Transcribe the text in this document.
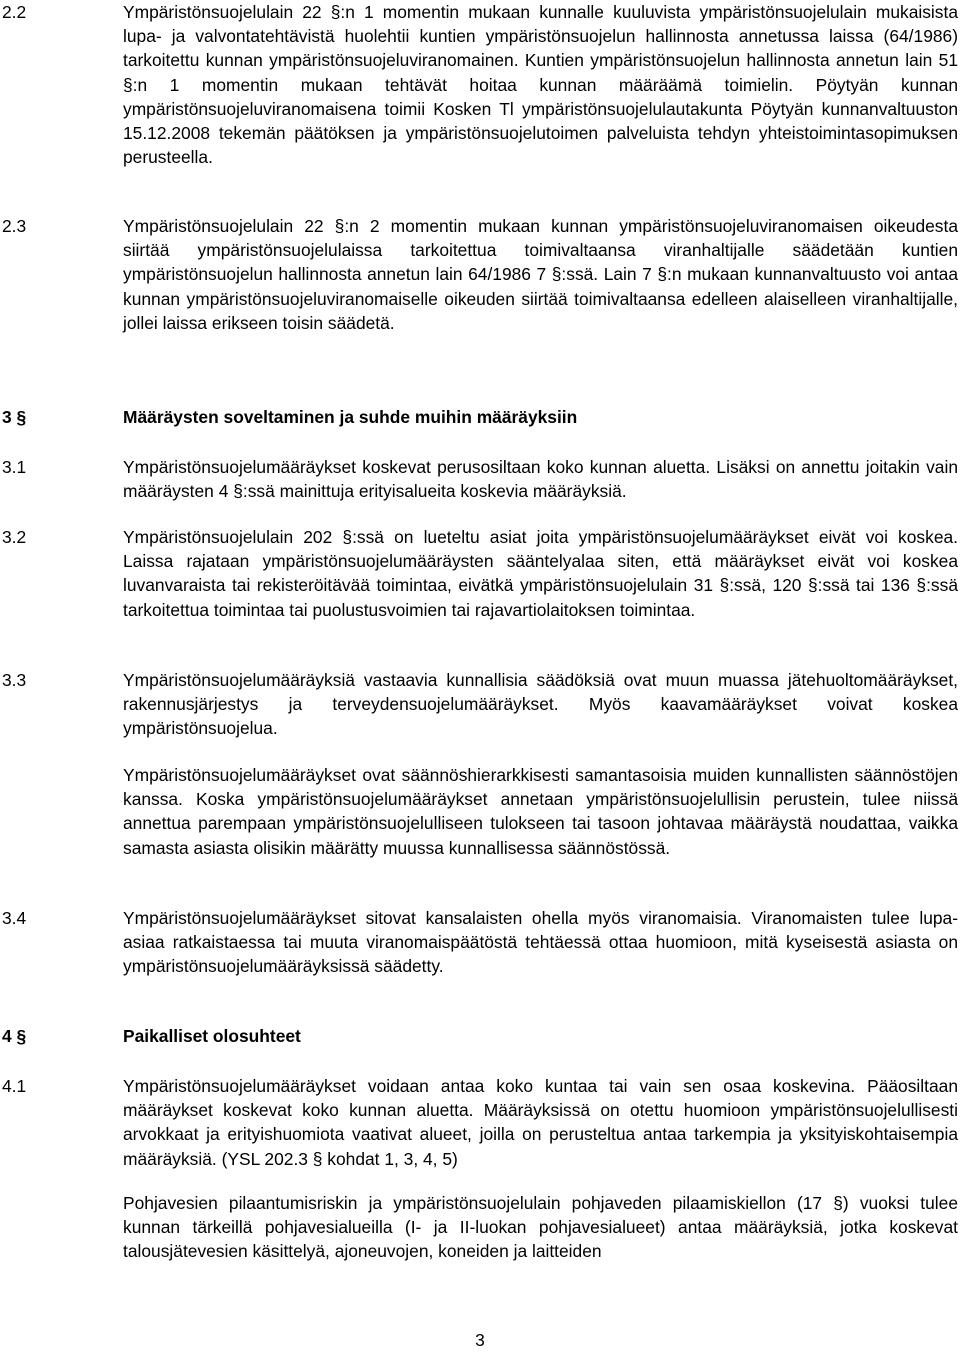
2.2	Ympäristönsuojelulain 22 §:n 1 momentin mukaan kunnalle kuuluvista ympäristönsuojelulain mukaisista lupa- ja valvontatehtävistä huolehtii kuntien ympäristönsuojelun hallinnosta annetussa laissa (64/1986) tarkoitettu kunnan ympäristönsuojeluviranomainen. Kuntien ympäristönsuojelun hallinnosta annetun lain 51 §:n 1 momentin mukaan tehtävät hoitaa kunnan määräämä toimielin. Pöytyän kunnan ympäristönsuojeluviranomaisena toimii Kosken Tl ympäristönsuojelulautakunta Pöytyän kunnanvaltuuston 15.12.2008 tekemän päätöksen ja ympäristönsuojelutoimen palveluista tehdyn yhteistoimintasopimuksen perusteella.

2.3	Ympäristönsuojelulain 22 §:n 2 momentin mukaan kunnan ympäristönsuojeluviranomaisen oikeudesta siirtää ympäristönsuojelulaissa tarkoitettua toimivaltaansa viranhaltijalle säädetään kuntien ympäristönsuojelun hallinnosta annetun lain 64/1986 7 §:ssä. Lain 7 §:n mukaan kunnanvaltuusto voi antaa kunnan ympäristönsuojeluviranomaiselle oikeuden siirtää toimivaltaansa edelleen alaiselleen viranhaltijalle, jollei laissa erikseen toisin säädetä.

3 §	Määräysten soveltaminen ja suhde muihin määräyksiin
3.1	Ympäristönsuojelumääräykset koskevat perusosiltaan koko kunnan aluetta. Lisäksi on annettu joitakin vain määräysten 4 §:ssä mainittuja erityisalueita koskevia määräyksiä.

3.2	Ympäristönsuojelulain 202 §:ssä on lueteltu asiat joita ympäristönsuojelumääräykset eivät voi koskea. Laissa rajataan ympäristönsuojelumääräysten sääntelyalaa siten, että määräykset eivät voi koskea luvanvaraista tai rekisteröitävää toimintaa, eivätkä ympäristönsuojelulain 31 §:ssä, 120 §:ssä tai 136 §:ssä tarkoitettua toimintaa tai puolustusvoimien tai rajavartiolaitoksen toimintaa.

3.3	Ympäristönsuojelumääräyksiä vastaavia kunnallisia säädöksiä ovat muun muassa jätehuoltomääräykset, rakennusjärjestys ja terveydensuojelumääräykset. Myös kaavamääräykset voivat koskea ympäristönsuojelua.

Ympäristönsuojelumääräykset ovat säännöshierarkkisesti samantasoisia muiden kunnallisten säännöstöjen kanssa. Koska ympäristönsuojelumääräykset annetaan ympäristönsuojelullisin perustein, tulee niissä annettua parempaan ympäristönsuojelulliseen tulokseen tai tasoon johtavaa määräystä noudattaa, vaikka samasta asiasta olisikin määrätty muussa kunnallisessa säännöstössä.

3.4	Ympäristönsuojelumääräykset sitovat kansalaisten ohella myös viranomaisia. Viranomaisten tulee lupa-asiaa ratkaistaessa tai muuta viranomaispäätöstä tehtäessä ottaa huomioon, mitä kyseisestä asiasta on ympäristönsuojelumääräyksissä säädetty.

4 §	Paikalliset olosuhteet
4.1	Ympäristönsuojelumääräykset voidaan antaa koko kuntaa tai vain sen osaa koskevina. Pääosiltaan määräykset koskevat koko kunnan aluetta. Määräyksissä on otettu huomioon ympäristönsuojelullisesti arvokkaat ja erityishuomiota vaativat alueet, joilla on perusteltua antaa tarkempia ja yksityiskohtaisempia määräyksiä. (YSL 202.3 § kohdat 1, 3, 4, 5)

Pohjavesien pilaantumisriskin ja ympäristönsuojelulain pohjaveden pilaamiskiellon (17 §) vuoksi tulee kunnan tärkeillä pohjavesialueilla (I- ja II-luokan pohjavesialueet) antaa määräyksiä, jotka koskevat talousjätevesien käsittelyä, ajoneuvojen, koneiden ja laitteiden

3
